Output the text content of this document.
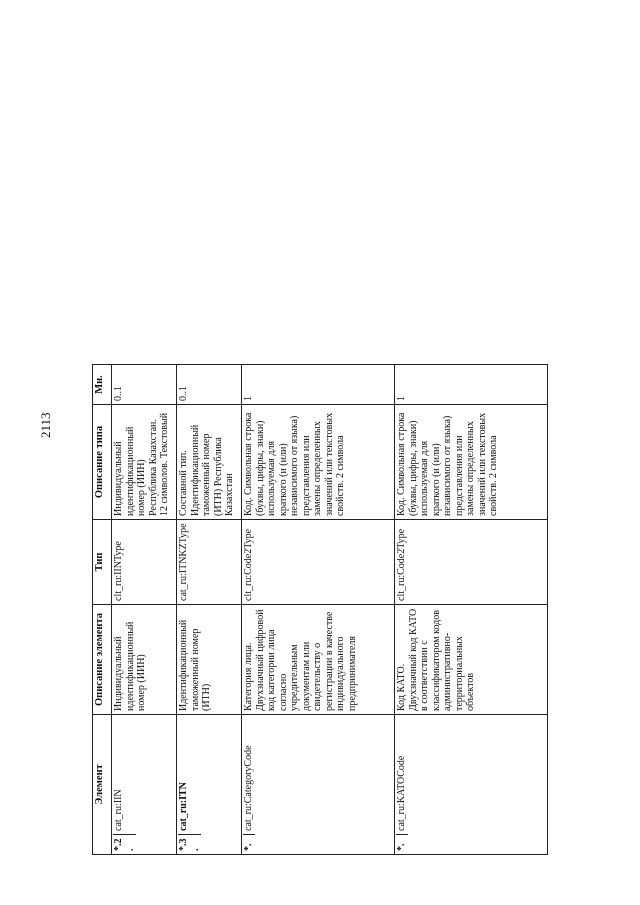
2113
Элемент	Описание элемента	Тип	Описание типа	Мн.	

*.2.
cat_ru:IIN	Индивидуальный идентификационный номер (ИИН)	clt_ru:IINType	Индивидуальный идентификационный номер (ИИН) Республика Казахстан. 12 символов. Текстовый	0..1	

*.3.
cat_ru:ITN	Идентификационный таможенный номер (ИТН)	cat_ru:ITNKZType	Составной тип. Идентификационный таможенный номер (ИТН) Республика Казахстан	0..1	

*.
cat_ru:CategoryCode	Категория лица. Двухзначный цифровой код категории лица согласно учредительным документам или свидетельству о регистрации в качестве индивидуального предпринимателя	clt_ru:Code2Type	Код. Символьная строка (буквы, цифры, знаки) используемая для краткого (и (или) независимого от языка) представления или замены определенных значений или текстовых свойств. 2 символа	1	

*.
cat_ru:KATOCode	Код КАТО. Двухзначный код КАТО в соответствии с классификатором кодов административно-территориальных объектов	clt_ru:Code2Type	Код. Символьная строка (буквы, цифры, знаки) используемая для краткого (и (или) независимого от языка) представления или замены определенных значений или текстовых свойств. 2 символа	1	
